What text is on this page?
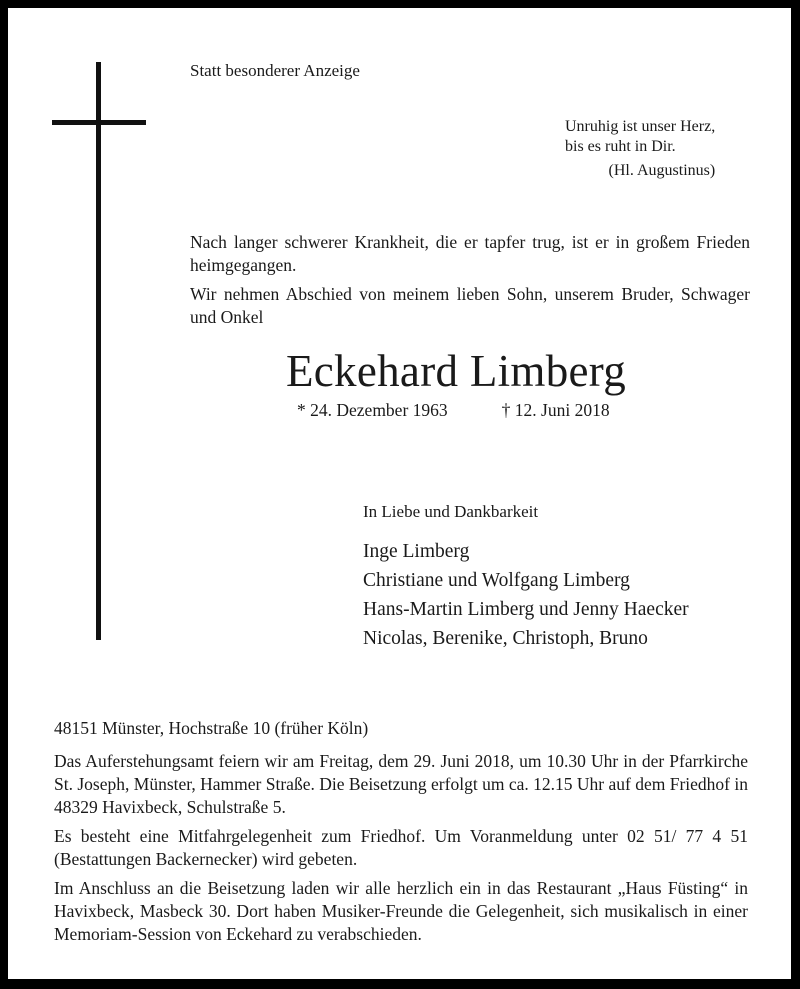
Statt besonderer Anzeige
Unruhig ist unser Herz,
bis es ruht in Dir.
(Hl. Augustinus)

Nach langer schwerer Krankheit, die er tapfer trug, ist er in großem Frieden heimgegangen.

Wir nehmen Abschied von meinem lieben Sohn, unserem Bruder, Schwager und Onkel

Eckehard Limberg
* 24. Dezember 1963	† 12. Juni 2018
In Liebe und Dankbarkeit
Inge Limberg
Christiane und Wolfgang Limberg
Hans-Martin Limberg und Jenny Haecker
Nicolas, Berenike, Christoph, Bruno
48151 Münster, Hochstraße 10 (früher Köln)

Das Auferstehungsamt feiern wir am Freitag, dem 29. Juni 2018, um 10.30 Uhr in der Pfarrkirche St. Joseph, Münster, Hammer Straße. Die Beisetzung erfolgt um ca. 12.15 Uhr auf dem Friedhof in 48329 Havixbeck, Schulstraße 5.

Es besteht eine Mitfahrgelegenheit zum Friedhof. Um Voranmeldung unter 02 51/ 77 4 51 (Bestattungen Backernecker) wird gebeten.

Im Anschluss an die Beisetzung laden wir alle herzlich ein in das Restaurant „Haus Füsting“ in Havixbeck, Masbeck 30. Dort haben Musiker-Freunde die Gelegenheit, sich musikalisch in einer Memoriam-Session von Eckehard zu verabschieden.
